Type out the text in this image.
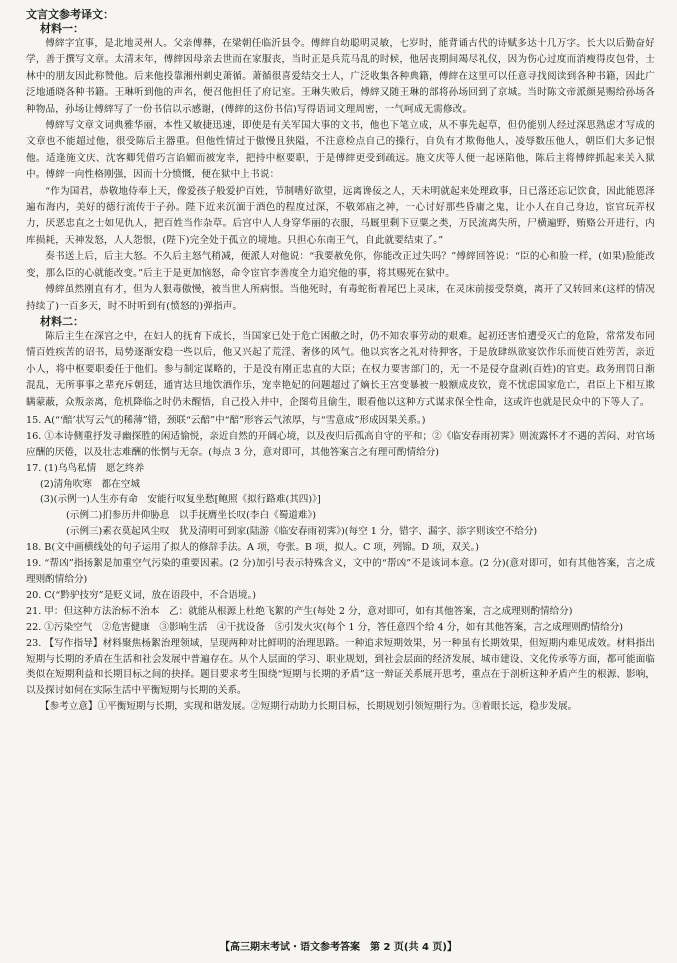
文言文参考译文：
材料一：

傅縡字宜事，是北地灵州人。父亲傅彝，在梁朝任临沂县令。傅縡自幼聪明灵敏，七岁时，能背诵古代的诗赋多达十几万字。长大以后勤奋好学，善于撰写文章。太清末年，傅縡因母亲去世而在家服丧，当时正是兵荒马乱的时候，他居丧期间竭尽礼仪，因为伤心过度而消瘦得皮包骨，士林中的朋友因此称赞他。后来他投靠湘州刺史萧循。萧循很喜爱结交士人，广泛收集各种典籍，傅縡在这里可以任意寻找阅读到各种书籍，因此广泛地通晓各种书籍。王琳听到他的声名，便召他担任了府记室。王琳失败后，傅縡又随王琳的部将孙场回到了京城。当时陈文帝派颜晃赐给孙场各种物品，孙场让傅縡写了一份书信以示感谢，(傅縡的这份书信)写得语词文理周密，一气呵成无需修改。

傅縡写文章文词典雅华丽，本性又敏捷迅速，即使是有关军国大事的文书，他也下笔立成，从不事先起草，但仍能别人经过深思熟虑才写成的文章也不能超过他，很受陈后主器重。但他性情过于傲慢且狭隘，不注意检点自己的操行，自负有才欺侮他人，凌辱数压他人，朝臣们大多记恨他。适逢施文庆、沈客卿凭借巧言谄媚而被宠幸，把持中枢要职，于是傅縡更受到疏远。施文庆等人便一起诬陷他，陈后主将傅縡抓起来关入狱中。傅縡一向性格刚强，因而十分愤慨，便在狱中上书说：

“作为国君，恭敬地侍奉上天，像爱孩子般爱护百姓，节制嗜好欲望，远离谗佞之人，天未明就起来处理政事，日已落还忘记饮食，因此能恩泽遍布海内，美好的德行流传于子孙。陛下近来沉湎于酒色的程度过深，不敬郊庙之神，一心讨好那些昏庸之鬼，让小人在自己身边，宦官玩弄权力，厌恶忠直之士如见仇人，把百姓当作杂草。后宫中人人身穿华丽的衣服，马厩里剩下豆粟之类，万民流离失所，尸横遍野，贿赂公开进行，内库损耗，天神发怒，人人怨恨，(陛下)完全处于孤立的境地。只担心东南王气，自此就要结束了。”

奏书送上后，后主大怒。不久后主怒气稍减，便派人对他说：“我要赦免你，你能改正过失吗？”傅縡回答说：“臣的心和脸一样，(如果)脸能改变，那么臣的心就能改变。”后主于是更加恼怒，命令宦官李善度全力追究他的事，将其赐死在狱中。

傅縡虽然刚直有才，但为人狠毒傲慢，被当世人所病恨。当他死时，有毒蛇衔着尾巴上灵床，在灵床前接受祭奠，离开了又转回来(这样的情况持续了)一百多天，时不时听到有(愤怒的)弹指声。

材料二：

陈后主生在深宫之中，在妇人的抚育下成长，当国家已处于危亡困敝之时，仍不知农事劳动的艰难。起初还害怕遭受灭亡的危险，常常发布同情百姓疾苦的诏书，局势逐渐安稳一些以后，他又兴起了荒淫、奢侈的风气。他以宾客之礼对待狎客，于是放肆纵欲宴饮作乐而使百姓劳苦，亲近小人，将中枢要职委任于他们。参与制定谋略的，于是没有刚正忠直的大臣；在权力要害部门的，无一不是侵夺盘剥(百姓)的官吏。政务刑罚日渐混乱，无所事事之辈充斥朝廷，通宵达旦地饮酒作乐，宠幸艳妃的问题超过了嫡长王宫变暴被一般额成皮钦，竟不忧虑国家危亡，君臣上下相互欺瞒蒙蔽，众叛亲离，危机降临之时仍未醒悟，自己投入井中，企图苟且偷生，眼看他以这种方式谋求保全性命，这或许也就是民众中的下等人了。

15. A(“‘醅’状写云气的稀薄”错，颈联“云醅”中“醅”形容云气浓厚，与“雪意成”形成因果关系。)

16. ①本诗侧重抒发寻幽探胜的闲适愉悦，亲近自然的开阔心境，以及夜归后孤高自守的平和；②《临安春雨初霁》则流露怀才不遇的苦闷、对官场应酬的厌倦，以及壮志难酬的怅惘与无奈。(每点 3 分，意对即可，其他答案言之有理可酌情给分)

17. (1)乌鸟私情　愿乞终养

(2)清角吹寒　都在空城

(3)(示例一)人生亦有命　安能行叹复坐愁[鲍照《拟行路难(其四)》]

(示例二)扪参历井仰胁息　以手抚膺坐长叹(李白《蜀道难》)

(示例三)素衣莫起风尘叹　犹及清明可到家(陆游《临安春雨初霁》)(每空 1 分，错字、漏字、添字则该空不给分)

18. B(文中画横线处的句子运用了拟人的修辞手法。A 项，夸张。B 项，拟人。C 项，列锦。D 项，双关。)

19. “帮凶”指扬絮是加重空气污染的重要因素。(2 分)加引号表示特殊含义，文中的“帮凶”不是该词本意。(2 分)(意对即可，如有其他答案，言之成理则酌情给分)

20. C(“黔驴技穷”是贬义词，放在语段中，不合语境。)

21. 甲：但这种方法治标不治本　乙：就能从根源上杜绝飞絮的产生(每处 2 分，意对即可，如有其他答案，言之成理则酌情给分)

22. ①污染空气　②危害健康　③影响生活　④干扰设备　⑤引发火灾(每个 1 分，答任意四个给 4 分，如有其他答案，言之成理则酌情给分)

23. 【写作指导】材料聚焦杨絮治理领域，呈现两种对比鲜明的治理思路。一种追求短期效果，另一种虽有长期效果，但短期内难见成效。材料指出短期与长期的矛盾在生活和社会发展中普遍存在。从个人层面的学习、职业规划，到社会层面的经济发展、城市建设、文化传承等方面，都可能面临类似在短期利益和长期目标之间的抉择。题目要求考生围绕“短期与长期的矛盾”这一辩证关系展开思考，重点在于剖析这种矛盾产生的根源、影响，以及探讨如何在实际生活中平衡短期与长期的关系。

【参考立意】①平衡短期与长期，实现和谐发展。②短期行动助力长期目标，长期规划引领短期行为。③着眼长远，稳步发展。

【高三期末考试・语文参考答案　第 2 页(共 4 页)】
